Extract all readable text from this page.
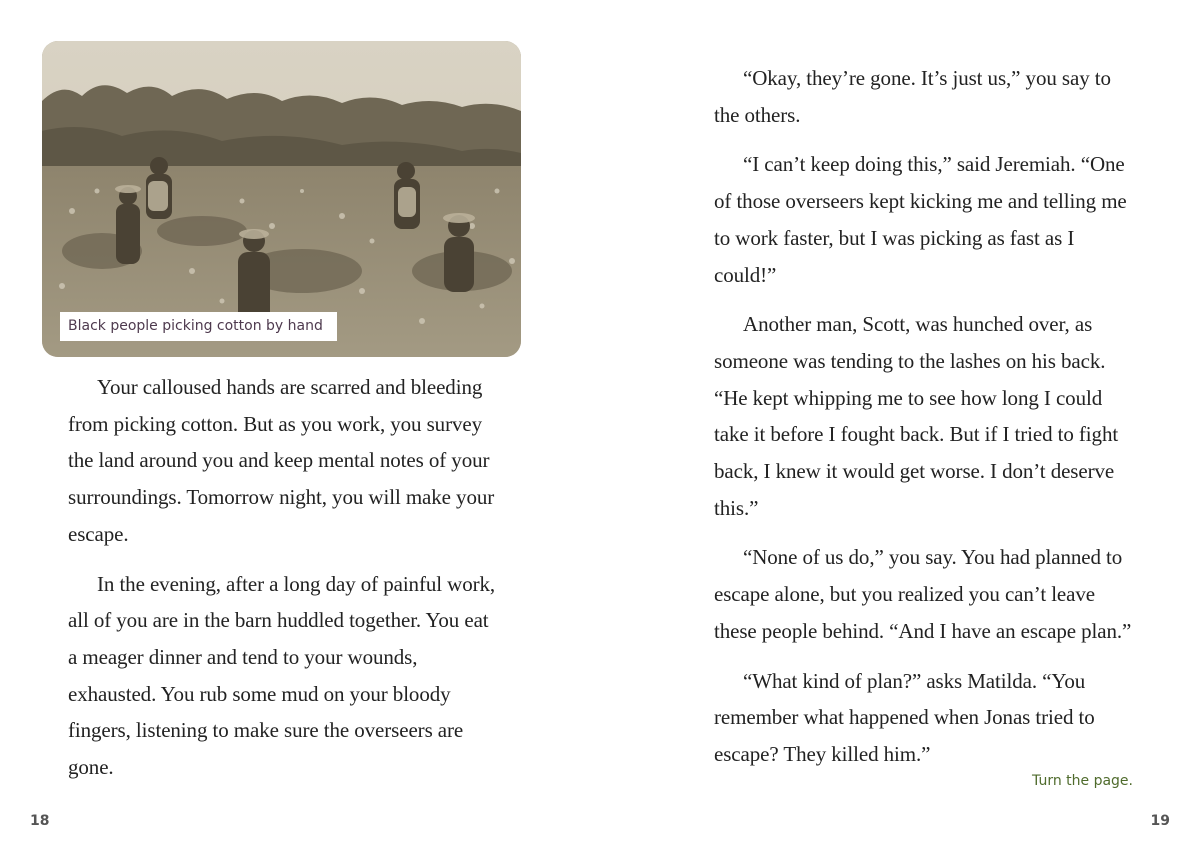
Black people picking cotton by hand

Your calloused hands are scarred and bleeding from picking cotton. But as you work, you survey the land around you and keep mental notes of your surroundings. Tomorrow night, you will make your escape.

In the evening, after a long day of painful work, all of you are in the barn huddled together. You eat a meager dinner and tend to your wounds, exhausted. You rub some mud on your bloody fingers, listening to make sure the overseers are gone.

18

“Okay, they’re gone. It’s just us,” you say to the others.

“I can’t keep doing this,” said Jeremiah. “One of those overseers kept kicking me and telling me to work faster, but I was picking as fast as I could!”

Another man, Scott, was hunched over, as someone was tending to the lashes on his back. “He kept whipping me to see how long I could take it before I fought back. But if I tried to fight back, I knew it would get worse. I don’t deserve this.”

“None of us do,” you say. You had planned to escape alone, but you realized you can’t leave these people behind. “And I have an escape plan.”

“What kind of plan?” asks Matilda. “You remember what happened when Jonas tried to escape? They killed him.”

Turn the page.
19
